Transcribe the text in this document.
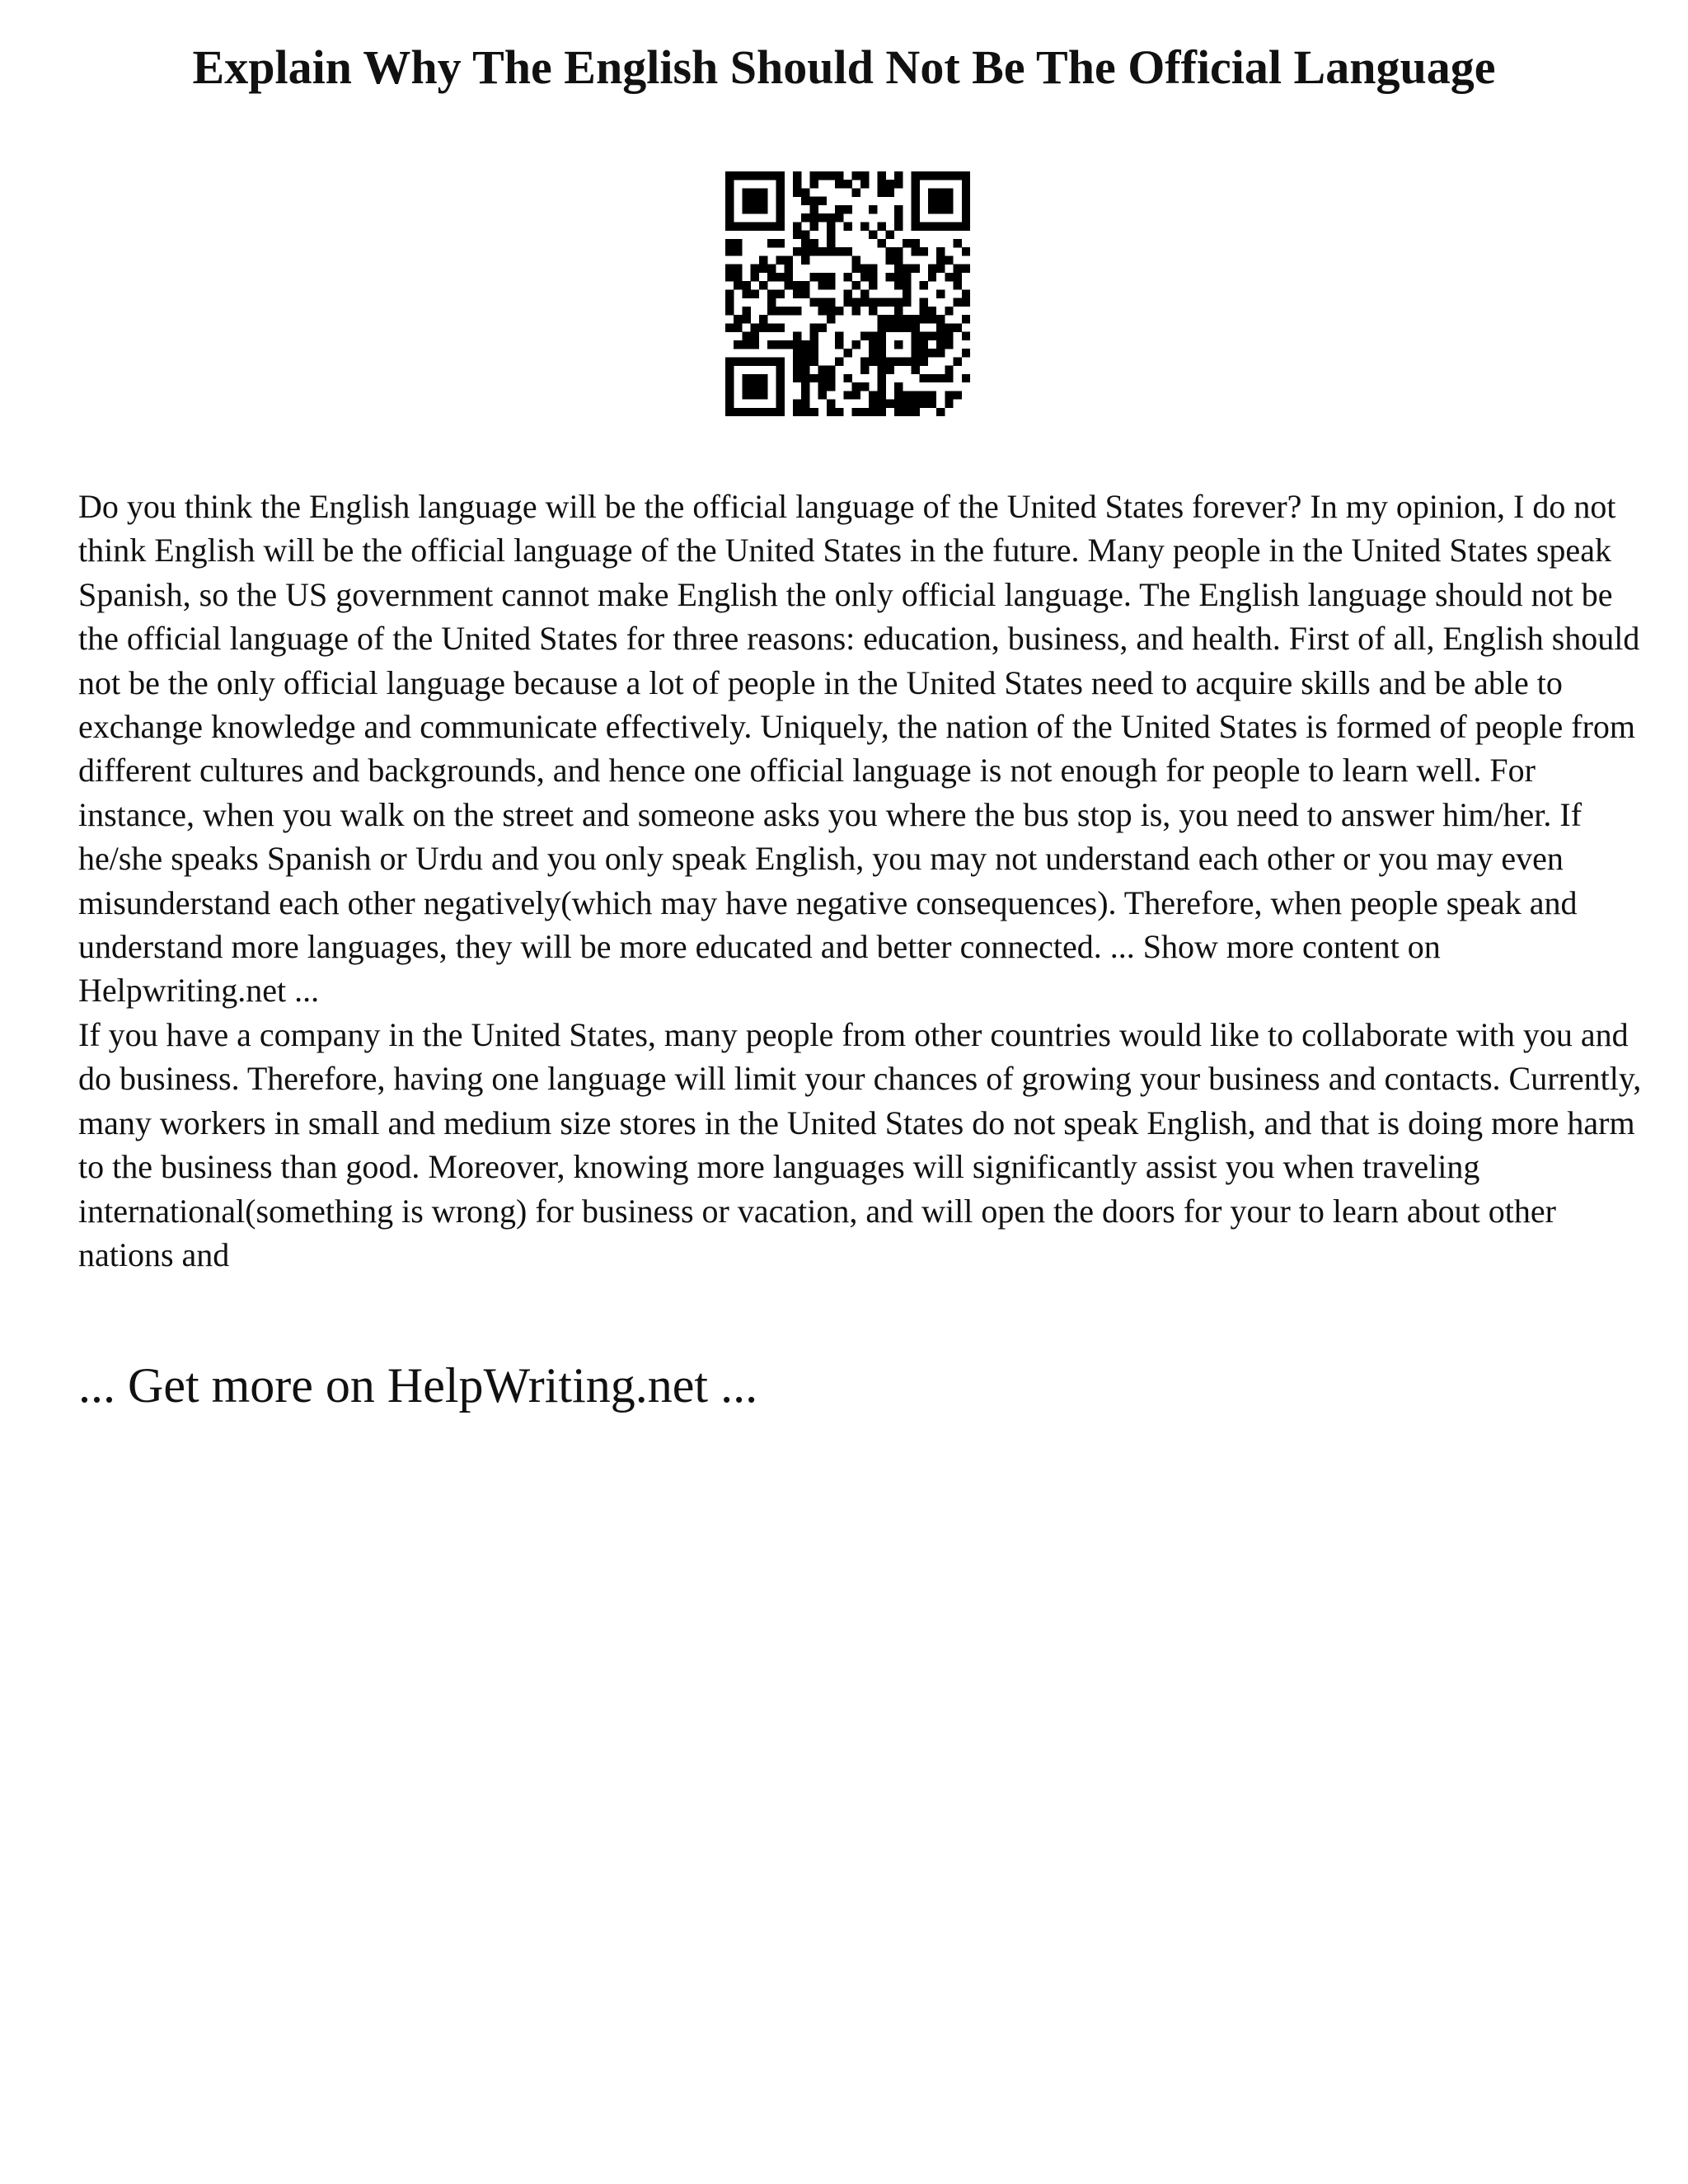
Explain Why The English Should Not Be The Official Language

Do you think the English language will be the official language of the United States forever? In my opinion, I do not think English will be the official language of the United States in the future. Many people in the United States speak Spanish, so the US government cannot make English the only official language. The English language should not be the official language of the United States for three reasons: education, business, and health. First of all, English should not be the only official language because a lot of people in the United States need to acquire skills and be able to exchange knowledge and communicate effectively. Uniquely, the nation of the United States is formed of people from different cultures and backgrounds, and hence one official language is not enough for people to learn well. For instance, when you walk on the street and someone asks you where the bus stop is, you need to answer him/her. If he/she speaks Spanish or Urdu and you only speak English, you may not understand each other or you may even misunderstand each other negatively(which may have negative consequences). Therefore, when people speak and understand more languages, they will be more educated and better connected. ... Show more content on Helpwriting.net ...

If you have a company in the United States, many people from other countries would like to collaborate with you and do business. Therefore, having one language will limit your chances of growing your business and contacts. Currently, many workers in small and medium size stores in the United States do not speak English, and that is doing more harm to the business than good. Moreover, knowing more languages will significantly assist you when traveling international(something is wrong) for business or vacation, and will open the doors for your to learn about other nations and

... Get more on HelpWriting.net ...
